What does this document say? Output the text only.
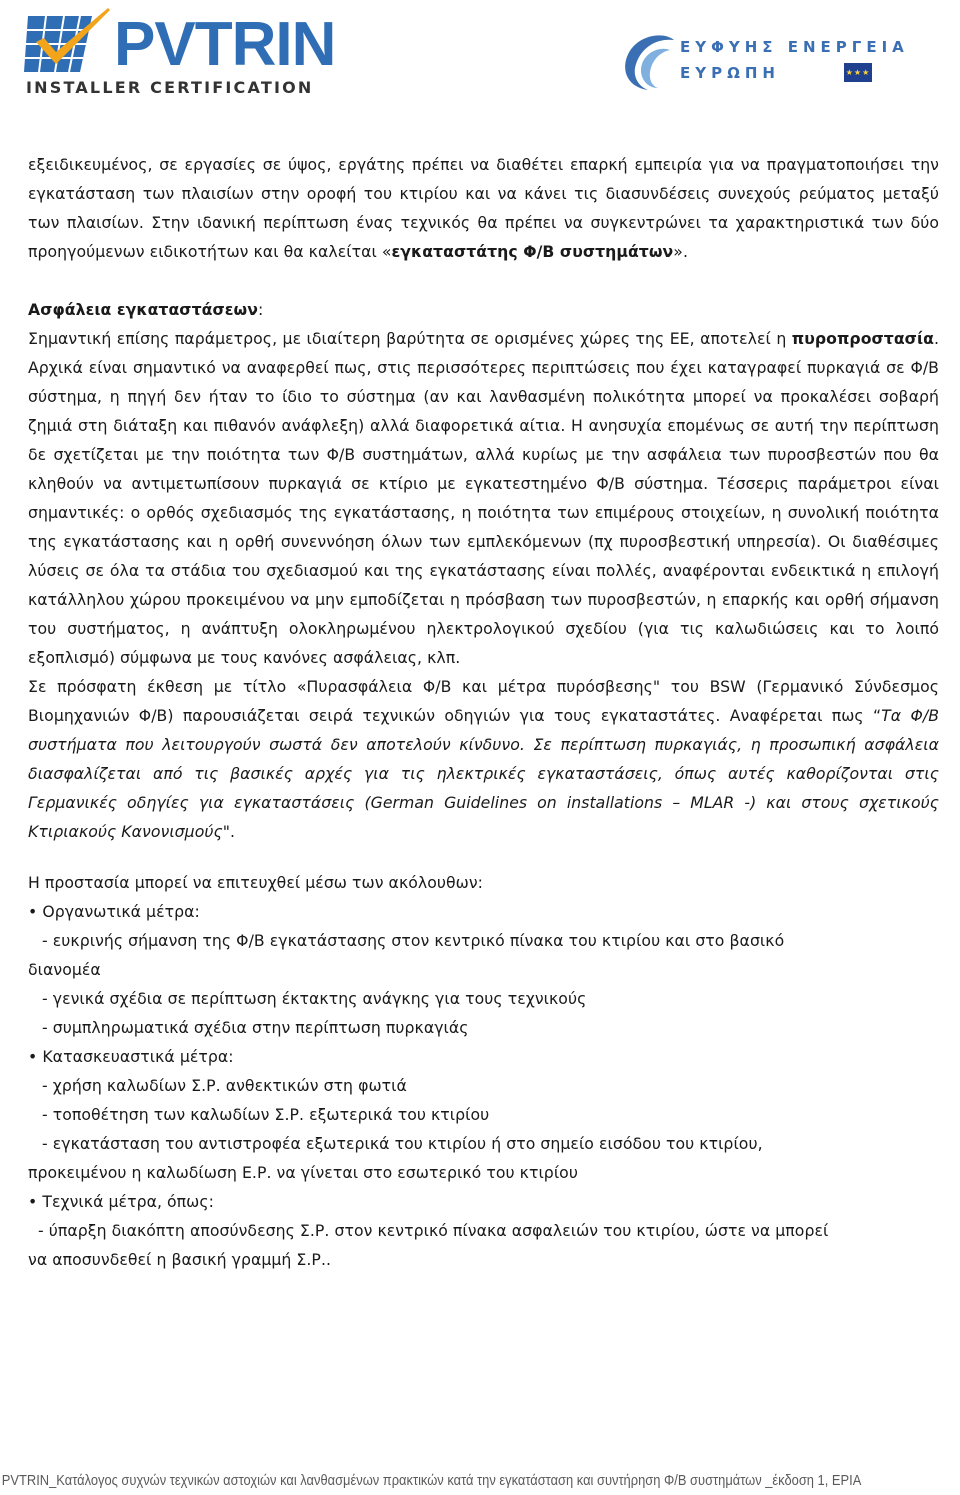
PVTRIN
INSTALLER CERTIFICATION
ΕΥΦΥΗΣ ΕΝΕΡΓΕΙΑ
ΕΥΡΩΠΗ	★★★

εξειδικευμένος, σε εργασίες σε ύψος, εργάτης πρέπει να διαθέτει επαρκή εμπειρία για να πραγματοποιήσει την εγκατάσταση των πλαισίων στην οροφή του κτιρίου και να κάνει τις διασυνδέσεις συνεχούς ρεύματος μεταξύ των πλαισίων. Στην ιδανική περίπτωση ένας τεχνικός θα πρέπει να συγκεντρώνει τα χαρακτηριστικά των δύο προηγούμενων ειδικοτήτων και θα καλείται «εγκαταστάτης Φ/Β συστημάτων».

Ασφάλεια εγκαταστάσεων:

Σημαντική επίσης παράμετρος, με ιδιαίτερη βαρύτητα σε ορισμένες χώρες της ΕΕ, αποτελεί η πυροπροστασία. Αρχικά είναι σημαντικό να αναφερθεί πως, στις περισσότερες περιπτώσεις που έχει καταγραφεί πυρκαγιά σε Φ/Β σύστημα, η πηγή δεν ήταν το ίδιο το σύστημα (αν και λανθασμένη πολικότητα μπορεί να προκαλέσει σοβαρή ζημιά στη διάταξη και πιθανόν ανάφλεξη) αλλά διαφορετικά αίτια. Η ανησυχία επομένως σε αυτή την περίπτωση δε σχετίζεται με την ποιότητα των Φ/Β συστημάτων, αλλά κυρίως με την ασφάλεια των πυροσβεστών που θα κληθούν να αντιμετωπίσουν πυρκαγιά σε κτίριο με εγκατεστημένο Φ/Β σύστημα. Τέσσερις παράμετροι είναι σημαντικές: ο ορθός σχεδιασμός της εγκατάστασης, η ποιότητα των επιμέρους στοιχείων, η συνολική ποιότητα της εγκατάστασης και η ορθή συνεννόηση όλων των εμπλεκόμενων (πχ πυροσβεστική υπηρεσία). Οι διαθέσιμες λύσεις σε όλα τα στάδια του σχεδιασμού και της εγκατάστασης είναι πολλές, αναφέρονται ενδεικτικά η επιλογή κατάλληλου χώρου προκειμένου να μην εμποδίζεται η πρόσβαση των πυροσβεστών, η επαρκής και ορθή σήμανση του συστήματος, η ανάπτυξη ολοκληρωμένου ηλεκτρολογικού σχεδίου (για τις καλωδιώσεις και το λοιπό εξοπλισμό) σύμφωνα με τους κανόνες ασφάλειας, κλπ.

Σε πρόσφατη έκθεση με τίτλο «Πυρασφάλεια Φ/Β και μέτρα πυρόσβεσης" του BSW (Γερμανικό Σύνδεσμος Βιομηχανιών Φ/Β) παρουσιάζεται σειρά τεχνικών οδηγιών για τους εγκαταστάτες. Αναφέρεται πως “Τα Φ/Β συστήματα που λειτουργούν σωστά δεν αποτελούν κίνδυνο. Σε περίπτωση πυρκαγιάς, η προσωπική ασφάλεια διασφαλίζεται από τις βασικές αρχές για τις ηλεκτρικές εγκαταστάσεις, όπως αυτές καθορίζονται στις Γερμανικές οδηγίες για εγκαταστάσεις (German Guidelines on installations – MLAR -) και στους σχετικούς Κτιριακούς Κανονισμούς".

Η προστασία μπορεί να επιτευχθεί μέσω των ακόλουθων:

• Οργανωτικά μέτρα:

- ευκρινής σήμανση της Φ/Β εγκατάστασης στον κεντρικό πίνακα του κτιρίου και στο βασικό

διανομέα

- γενικά σχέδια σε περίπτωση έκτακτης ανάγκης για τους τεχνικούς

- συμπληρωματικά σχέδια στην περίπτωση πυρκαγιάς

• Κατασκευαστικά μέτρα:

- χρήση καλωδίων Σ.Ρ. ανθεκτικών στη φωτιά

- τοποθέτηση των καλωδίων Σ.Ρ. εξωτερικά του κτιρίου

- εγκατάσταση του αντιστροφέα εξωτερικά του κτιρίου ή στο σημείο εισόδου του κτιρίου,

προκειμένου η καλωδίωση Ε.Ρ. να γίνεται στο εσωτερικό του κτιρίου

• Τεχνικά μέτρα, όπως:

- ύπαρξη διακόπτη αποσύνδεσης Σ.Ρ. στον κεντρικό πίνακα ασφαλειών του κτιρίου, ώστε να μπορεί

να αποσυνδεθεί η βασική γραμμή Σ.Ρ..

PVTRIN_Κατάλογος συχνών τεχνικών αστοχιών και λανθασμένων πρακτικών κατά την εγκατάσταση και συντήρηση Φ/Β συστημάτων _έκδοση 1, ΕΡΙΑ
